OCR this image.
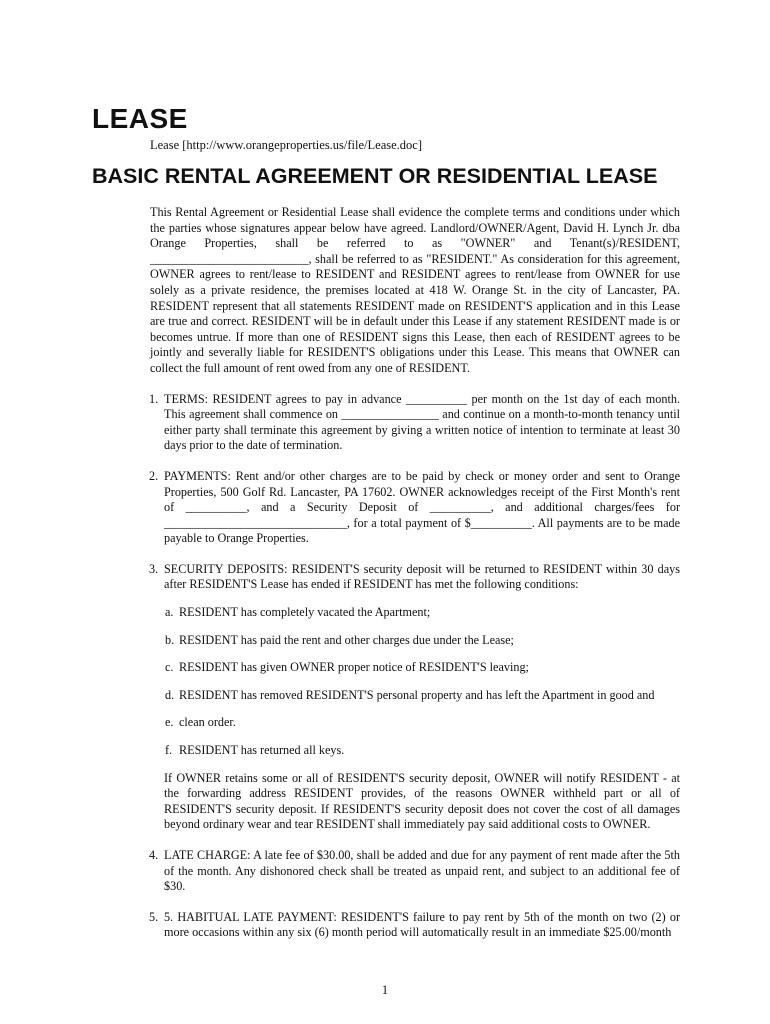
LEASE

Lease [http://www.orangeproperties.us/file/Lease.doc]

BASIC RENTAL AGREEMENT OR RESIDENTIAL LEASE

This Rental Agreement or Residential Lease shall evidence the complete terms and conditions under which the parties whose signatures appear below have agreed. Landlord/OWNER/Agent, David H. Lynch Jr. dba Orange Properties, shall be referred to as "OWNER" and Tenant(s)/RESIDENT, __________________________, shall be referred to as "RESIDENT." As consideration for this agreement, OWNER agrees to rent/lease to RESIDENT and RESIDENT agrees to rent/lease from OWNER for use solely as a private residence, the premises located at 418 W. Orange St. in the city of Lancaster, PA. RESIDENT represent that all statements RESIDENT made on RESIDENT'S application and in this Lease are true and correct. RESIDENT will be in default under this Lease if any statement RESIDENT made is or becomes untrue. If more than one of RESIDENT signs this Lease, then each of RESIDENT agrees to be jointly and severally liable for RESIDENT'S obligations under this Lease. This means that OWNER can collect the full amount of rent owed from any one of RESIDENT.

1. TERMS: RESIDENT agrees to pay in advance __________ per month on the 1st day of each month. This agreement shall commence on ________________ and continue on a month-to-month tenancy until either party shall terminate this agreement by giving a written notice of intention to terminate at least 30 days prior to the date of termination.
2. PAYMENTS: Rent and/or other charges are to be paid by check or money order and sent to Orange Properties, 500 Golf Rd. Lancaster, PA 17602. OWNER acknowledges receipt of the First Month's rent of __________, and a Security Deposit of __________, and additional charges/fees for ______________________________, for a total payment of $__________. All payments are to be made payable to Orange Properties.
3. SECURITY DEPOSITS: RESIDENT'S security deposit will be returned to RESIDENT within 30 days after RESIDENT'S Lease has ended if RESIDENT has met the following conditions:
a. RESIDENT has completely vacated the Apartment;
b. RESIDENT has paid the rent and other charges due under the Lease;
c. RESIDENT has given OWNER proper notice of RESIDENT'S leaving;
d. RESIDENT has removed RESIDENT'S personal property and has left the Apartment in good and
e. clean order.
f. RESIDENT has returned all keys.

If OWNER retains some or all of RESIDENT'S security deposit, OWNER will notify RESIDENT - at the forwarding address RESIDENT provides, of the reasons OWNER withheld part or all of RESIDENT'S security deposit. If RESIDENT'S security deposit does not cover the cost of all damages beyond ordinary wear and tear RESIDENT shall immediately pay said additional costs to OWNER.

4. LATE CHARGE: A late fee of $30.00, shall be added and due for any payment of rent made after the 5th of the month. Any dishonored check shall be treated as unpaid rent, and subject to an additional fee of $30.
5. 5. HABITUAL LATE PAYMENT: RESIDENT'S failure to pay rent by 5th of the month on two (2) or more occasions within any six (6) month period will automatically result in an immediate $25.00/month

1
